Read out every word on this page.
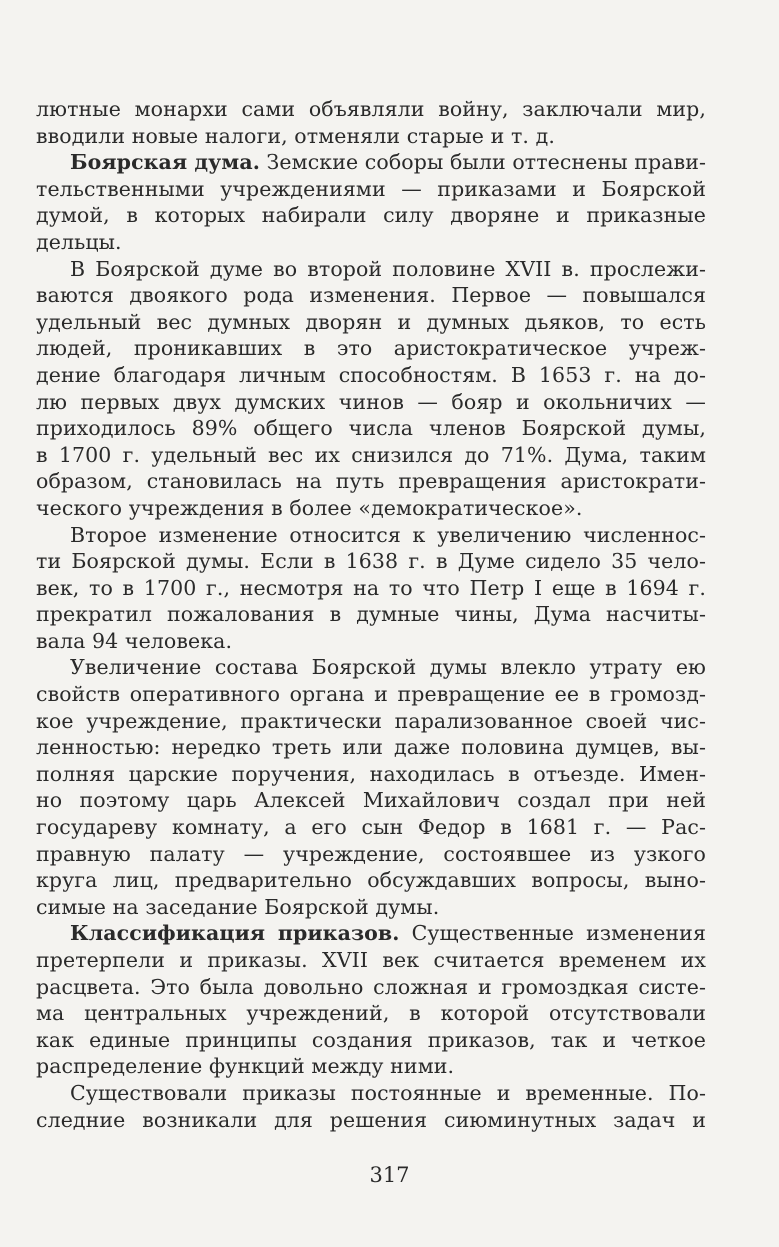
лютные монархи сами объявляли войну, заключали мир,
вводили новые налоги, отменяли старые и т. д.
Боярская дума. Земские соборы были оттеснены прави-
тельственными учреждениями — приказами и Боярской
думой, в которых набирали силу дворяне и приказные
дельцы.
В Боярской думе во второй половине XVII в. прослежи-
ваются двоякого рода изменения. Первое — повышался
удельный вес думных дворян и думных дьяков, то есть
людей, проникавших в это аристократическое учреж-
дение благодаря личным способностям. В 1653 г. на до-
лю первых двух думских чинов — бояр и окольничих —
приходилось 89% общего числа членов Боярской думы,
в 1700 г. удельный вес их снизился до 71%. Дума, таким
образом, становилась на путь превращения аристократи-
ческого учреждения в более «демократическое».
Второе изменение относится к увеличению численнос-
ти Боярской думы. Если в 1638 г. в Думе сидело 35 чело-
век, то в 1700 г., несмотря на то что Петр I еще в 1694 г.
прекратил пожалования в думные чины, Дума насчиты-
вала 94 человека.
Увеличение состава Боярской думы влекло утрату ею
свойств оперативного органа и превращение ее в громозд-
кое учреждение, практически парализованное своей чис-
ленностью: нередко треть или даже половина думцев, вы-
полняя царские поручения, находилась в отъезде. Имен-
но поэтому царь Алексей Михайлович создал при ней
государеву комнату, а его сын Федор в 1681 г. — Рас-
правную палату — учреждение, состоявшее из узкого
круга лиц, предварительно обсуждавших вопросы, выно-
симые на заседание Боярской думы.
Классификация приказов. Существенные изменения
претерпели и приказы. XVII век считается временем их
расцвета. Это была довольно сложная и громоздкая систе-
ма центральных учреждений, в которой отсутствовали
как единые принципы создания приказов, так и четкое
распределение функций между ними.
Существовали приказы постоянные и временные. По-
следние возникали для решения сиюминутных задач и
317
